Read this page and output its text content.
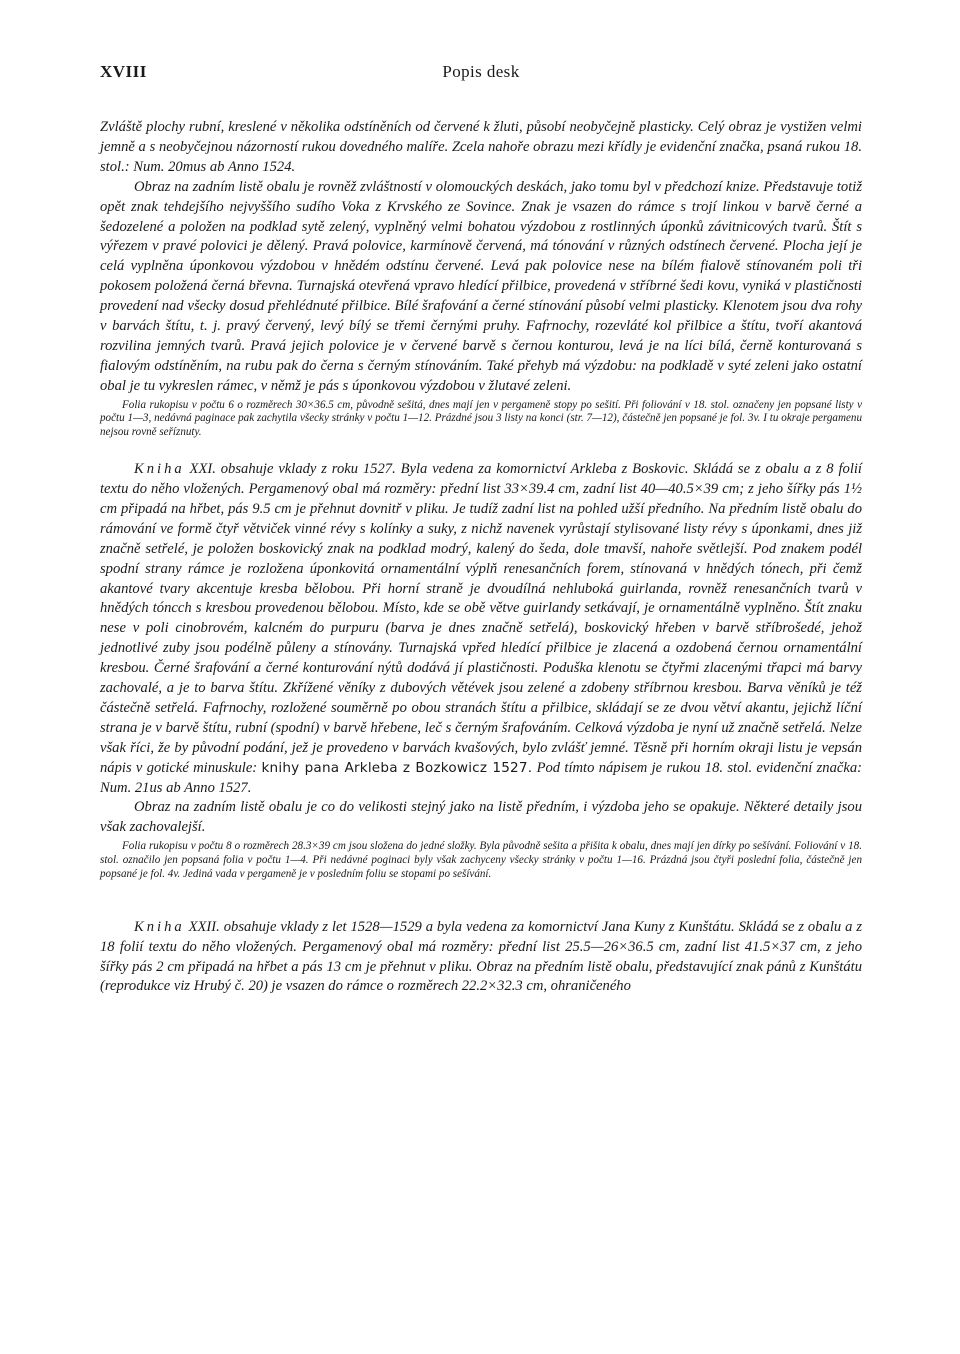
XVIII	Popis desk

Zvláště plochy rubní, kreslené v několika odstíněních od červené k žluti, působí neobyčejně plasticky. Celý obraz je vystižen velmi jemně a s neobyčejnou názorností rukou dovedného malíře. Zcela nahoře obrazu mezi křídly je evidenční značka, psaná rukou 18. stol.: Num. 20mus ab Anno 1524.

Obraz na zadním listě obalu je rovněž zvláštností v olomouckých deskách, jako tomu byl v předchozí knize. Představuje totiž opět znak tehdejšího nejvyššího sudího Voka z Krvského ze Sovince. Znak je vsazen do rámce s trojí linkou v barvě černé a šedozelené a položen na podklad sytě zelený, vyplněný velmi bohatou výzdobou z rostlinných úponků závitnicových tvarů. Štít s výřezem v pravé polovici je dělený. Pravá polovice, karmínově červená, má tónování v různých odstínech červené. Plocha její je celá vyplněna úponkovou výzdobou v hnědém odstínu červené. Levá pak polovice nese na bílém fialově stínovaném poli tři pokosem položená černá břevna. Turnajská otevřená vpravo hledící přilbice, provedená v stříbrné šedi kovu, vyniká v plastičnosti provedení nad všecky dosud přehlédnuté přilbice. Bílé šrafování a černé stínování působí velmi plasticky. Klenotem jsou dva rohy v barvách štítu, t. j. pravý červený, levý bílý se třemi černými pruhy. Fafrnochy, rozevláté kol přilbice a štítu, tvoří akantová rozvilina jemných tvarů. Pravá jejich polovice je v červené barvě s černou konturou, levá je na líci bílá, černě konturovaná s fialovým odstíněním, na rubu pak do černa s černým stínováním. Také přehyb má výzdobu: na podkladě v syté zeleni jako ostatní obal je tu vykreslen rámec, v němž je pás s úponkovou výzdobou v žlutavé zeleni.

Folia rukopisu v počtu 6 o rozměrech 30×36.5 cm, původně sešitá, dnes mají jen v pergameně stopy po sešití. Při foliování v 18. stol. označeny jen popsané listy v počtu 1—3, nedávná paginace pak zachytila všecky stránky v počtu 1—12. Prázdné jsou 3 listy na konci (str. 7—12), částečně jen popsané je fol. 3v. I tu okraje pergamenu nejsou rovně seříznuty.

Kniha XXI. obsahuje vklady z roku 1527. Byla vedena za komornictví Arkleba z Boskovic. Skládá se z obalu a z 8 folií textu do něho vložených. Pergamenový obal má rozměry: přední list 33×39.4 cm, zadní list 40—40.5×39 cm; z jeho šířky pás 1½ cm připadá na hřbet, pás 9.5 cm je přehnut dovnitř v pliku. Je tudíž zadní list na pohled užší předního. Na předním listě obalu do rámování ve formě čtyř větviček vinné révy s kolínky a suky, z nichž navenek vyrůstají stylisované listy révy s úponkami, dnes již značně setřelé, je položen boskovický znak na podklad modrý, kalený do šeda, dole tmavší, nahoře světlejší. Pod znakem podél spodní strany rámce je rozložena úponkovitá ornamentální výplň renesančních forem, stínovaná v hnědých tónech, při čemž akantové tvary akcentuje kresba bělobou. Při horní straně je dvoudílná nehluboká guirlanda, rovněž renesančních tvarů v hnědých tóncch s kresbou provedenou bělobou. Místo, kde se obě větve guirlandy setkávají, je ornamentálně vyplněno. Štít znaku nese v poli cinobrovém, kalcném do purpuru (barva je dnes značně setřelá), boskovický hřeben v barvě stříbrošedé, jehož jednotlivé zuby jsou podélně půleny a stínovány. Turnajská vpřed hledící přilbice je zlacená a ozdobená černou ornamentální kresbou. Černé šrafování a černé konturování nýtů dodává jí plastičnosti. Poduška klenotu se čtyřmi zlacenými třapci má barvy zachovalé, a je to barva štítu. Zkřížené věníky z dubových větévek jsou zelené a zdobeny stříbrnou kresbou. Barva věníků je též částečně setřelá. Fafrnochy, rozložené souměrně po obou stranách štítu a přilbice, skládají se ze dvou větví akantu, jejichž líční strana je v barvě štítu, rubní (spodní) v barvě hřebene, leč s černým šrafováním. Celková výzdoba je nyní už značně setřelá. Nelze však říci, že by původní podání, jež je provedeno v barvách kvašových, bylo zvlášť jemné. Těsně při horním okraji listu je vepsán nápis v gotické minuskule: knihy pana Arkleba z Bozkowicz 1527. Pod tímto nápisem je rukou 18. stol. evidenční značka: Num. 21us ab Anno 1527.

Obraz na zadním listě obalu je co do velikosti stejný jako na listě předním, i výzdoba jeho se opakuje. Některé detaily jsou však zachovalejší.

Folia rukopisu v počtu 8 o rozměrech 28.3×39 cm jsou složena do jedné složky. Byla původně sešita a přišita k obalu, dnes mají jen dírky po sešívání. Foliování v 18. stol. označilo jen popsaná folia v počtu 1—4. Při nedávné poginaci byly však zachyceny všecky stránky v počtu 1—16. Prázdná jsou čtyři poslední folia, částečně jen popsané je fol. 4v. Jediná vada v pergameně je v posledním foliu se stopami po sešívání.

Kniha XXII. obsahuje vklady z let 1528—1529 a byla vedena za komornictví Jana Kuny z Kunštátu. Skládá se z obalu a z 18 folií textu do něho vložených. Pergamenový obal má rozměry: přední list 25.5—26×36.5 cm, zadní list 41.5×37 cm, z jeho šířky pás 2 cm připadá na hřbet a pás 13 cm je přehnut v pliku. Obraz na předním listě obalu, představující znak pánů z Kunštátu (reprodukce viz Hrubý č. 20) je vsazen do rámce o rozměrech 22.2×32.3 cm, ohraničeného
